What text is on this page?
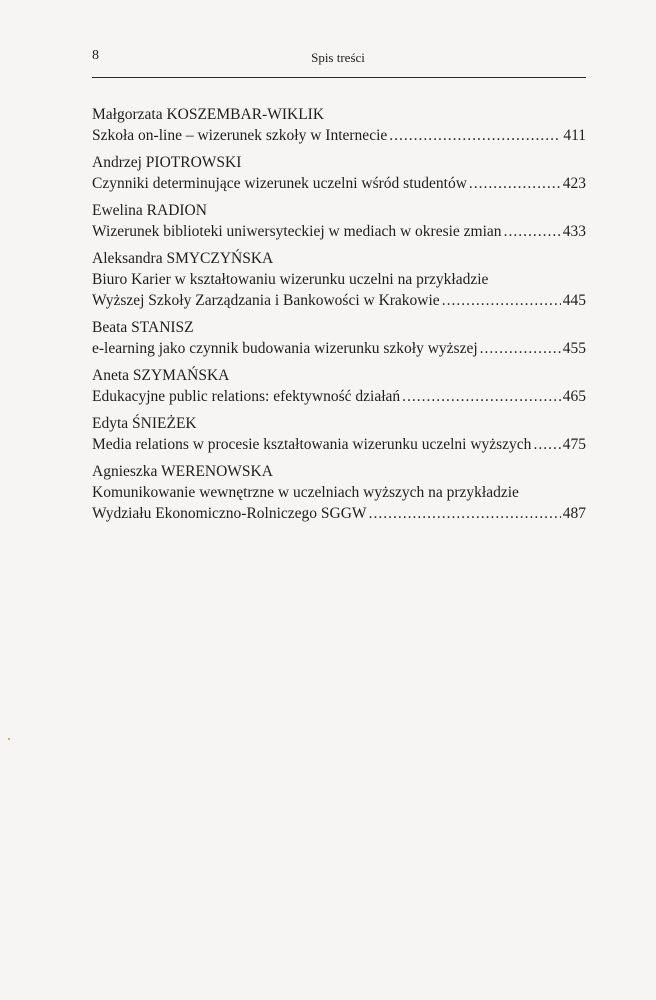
8	Spis treści
Małgorzata KOSZEMBAR-WIKLIK
Szkoła on-line – wizerunek szkoły w Internecie .....	411
Andrzej PIOTROWSKI
Czynniki determinujące wizerunek uczelni wśród studentów .....	423
Ewelina RADION
Wizerunek biblioteki uniwersyteckiej w mediach w okresie zmian .....	433
Aleksandra SMYCZYŃSKA
Biuro Karier w kształtowaniu wizerunku uczelni na przykładzie
Wyższej Szkoły Zarządzania i Bankowości w Krakowie .....	445
Beata STANISZ
e-learning jako czynnik budowania wizerunku szkoły wyższej .....	455
Aneta SZYMAŃSKA
Edukacyjne public relations: efektywność działań .....	465
Edyta ŚNIEŻEK
Media relations w procesie kształtowania wizerunku uczelni wyższych ..... 475
Agnieszka WERENOWSKA
Komunikowanie wewnętrzne w uczelniach wyższych na przykładzie
Wydziału Ekonomiczno-Rolniczego SGGW .....	487
